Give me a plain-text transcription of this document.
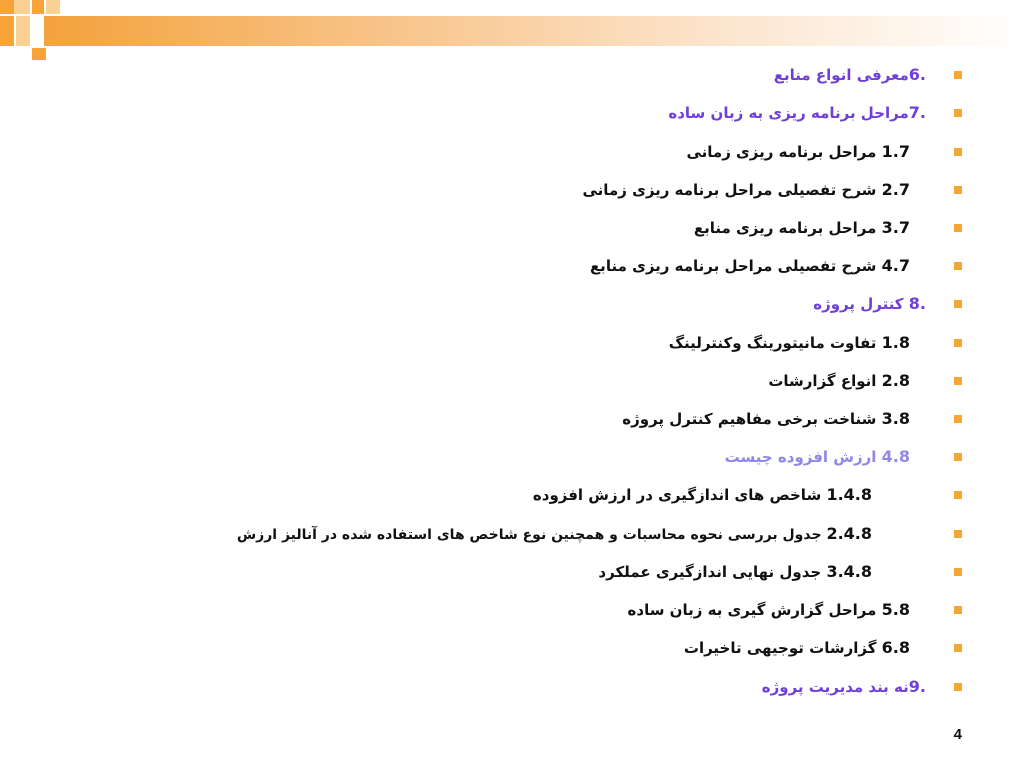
6.معرفی انواع منابع
7.مراحل برنامه ریزی به زبان ساده
1.7 مراحل برنامه ریزی زمانی
2.7 شرح تفصیلی مراحل برنامه ریزی زمانی
3.7 مراحل برنامه ریزی منابع
4.7 شرح تفصیلی مراحل برنامه ریزی منابع
8. کنترل پروژه
1.8 تفاوت مانیتورینگ وکنترلینگ
2.8 انواع گزارشات
3.8 شناخت برخی مفاهیم کنترل پروژه
4.8 ارزش افزوده چیست
1.4.8 شاخص های اندازگیری در ارزش افزوده
2.4.8 جدول بررسی نحوه محاسبات و همچنین نوع شاخص های استفاده شده در آنالیز ارزش
3.4.8 جدول نهایی اندازگیری عملکرد
5.8 مراحل گزارش گیری به زبان ساده
6.8 گزارشات توجیهی تاخیرات
9.نه بند مدیریت پروژه
4
